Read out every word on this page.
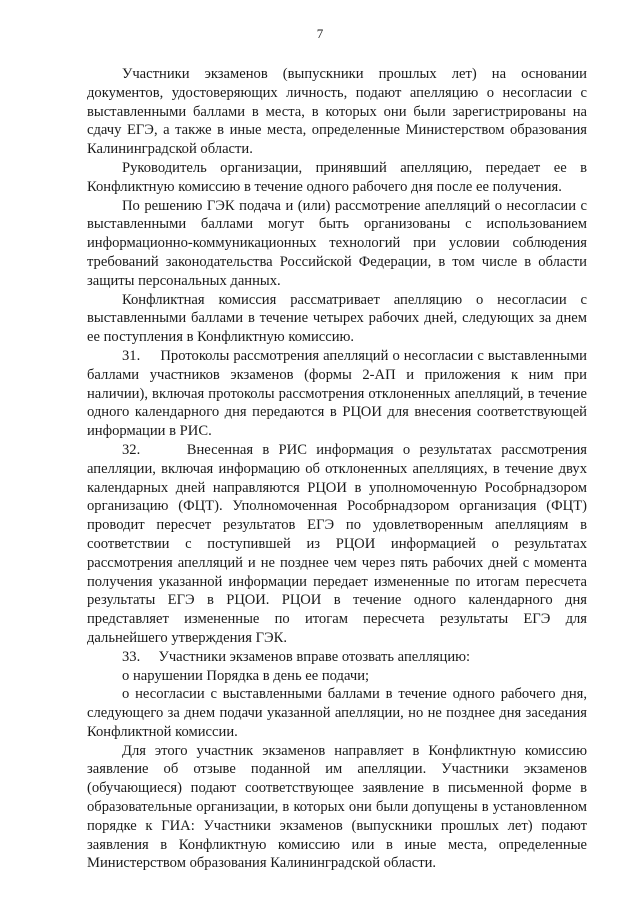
7

Участники экзаменов (выпускники прошлых лет) на основании документов, удостоверяющих личность, подают апелляцию о несогласии с выставленными баллами в места, в которых они были зарегистрированы на сдачу ЕГЭ, а также в иные места, определенные Министерством образования Калининградской области.

Руководитель организации, принявший апелляцию, передает ее в Конфликтную комиссию в течение одного рабочего дня после ее получения.

По решению ГЭК подача и (или) рассмотрение апелляций о несогласии с выставленными баллами могут быть организованы с использованием информационно-коммуникационных технологий при условии соблюдения требований законодательства Российской Федерации, в том числе в области защиты персональных данных.

Конфликтная комиссия рассматривает апелляцию о несогласии с выставленными баллами в течение четырех рабочих дней, следующих за днем ее поступления в Конфликтную комиссию.

31.     Протоколы рассмотрения апелляций о несогласии с выставленными баллами участников экзаменов (формы 2-АП и приложения к ним при наличии), включая протоколы рассмотрения отклоненных апелляций, в течение одного календарного дня передаются в РЦОИ для внесения соответствующей информации в РИС.

32.     Внесенная в РИС информация о результатах рассмотрения апелляции, включая информацию об отклоненных апелляциях, в течение двух календарных дней направляются РЦОИ в уполномоченную Рособрнадзором организацию (ФЦТ). Уполномоченная Рособрнадзором организация (ФЦТ) проводит пересчет результатов ЕГЭ по удовлетворенным апелляциям в соответствии с поступившей из РЦОИ информацией о результатах рассмотрения апелляций и не позднее чем через пять рабочих дней с момента получения указанной информации передает измененные по итогам пересчета результаты ЕГЭ в РЦОИ. РЦОИ в течение одного календарного дня представляет измененные по итогам пересчета результаты ЕГЭ для дальнейшего утверждения ГЭК.

33.     Участники экзаменов вправе отозвать апелляцию:

о нарушении Порядка в день ее подачи;

о несогласии с выставленными баллами в течение одного рабочего дня, следующего за днем подачи указанной апелляции, но не позднее дня заседания Конфликтной комиссии.

Для этого участник экзаменов направляет в Конфликтную комиссию заявление об отзыве поданной им апелляции. Участники экзаменов (обучающиеся) подают соответствующее заявление в письменной форме в образовательные организации, в которых они были допущены в установленном порядке к ГИА: Участники экзаменов (выпускники прошлых лет) подают заявления в Конфликтную комиссию или в иные места, определенные Министерством образования Калининградской области.
